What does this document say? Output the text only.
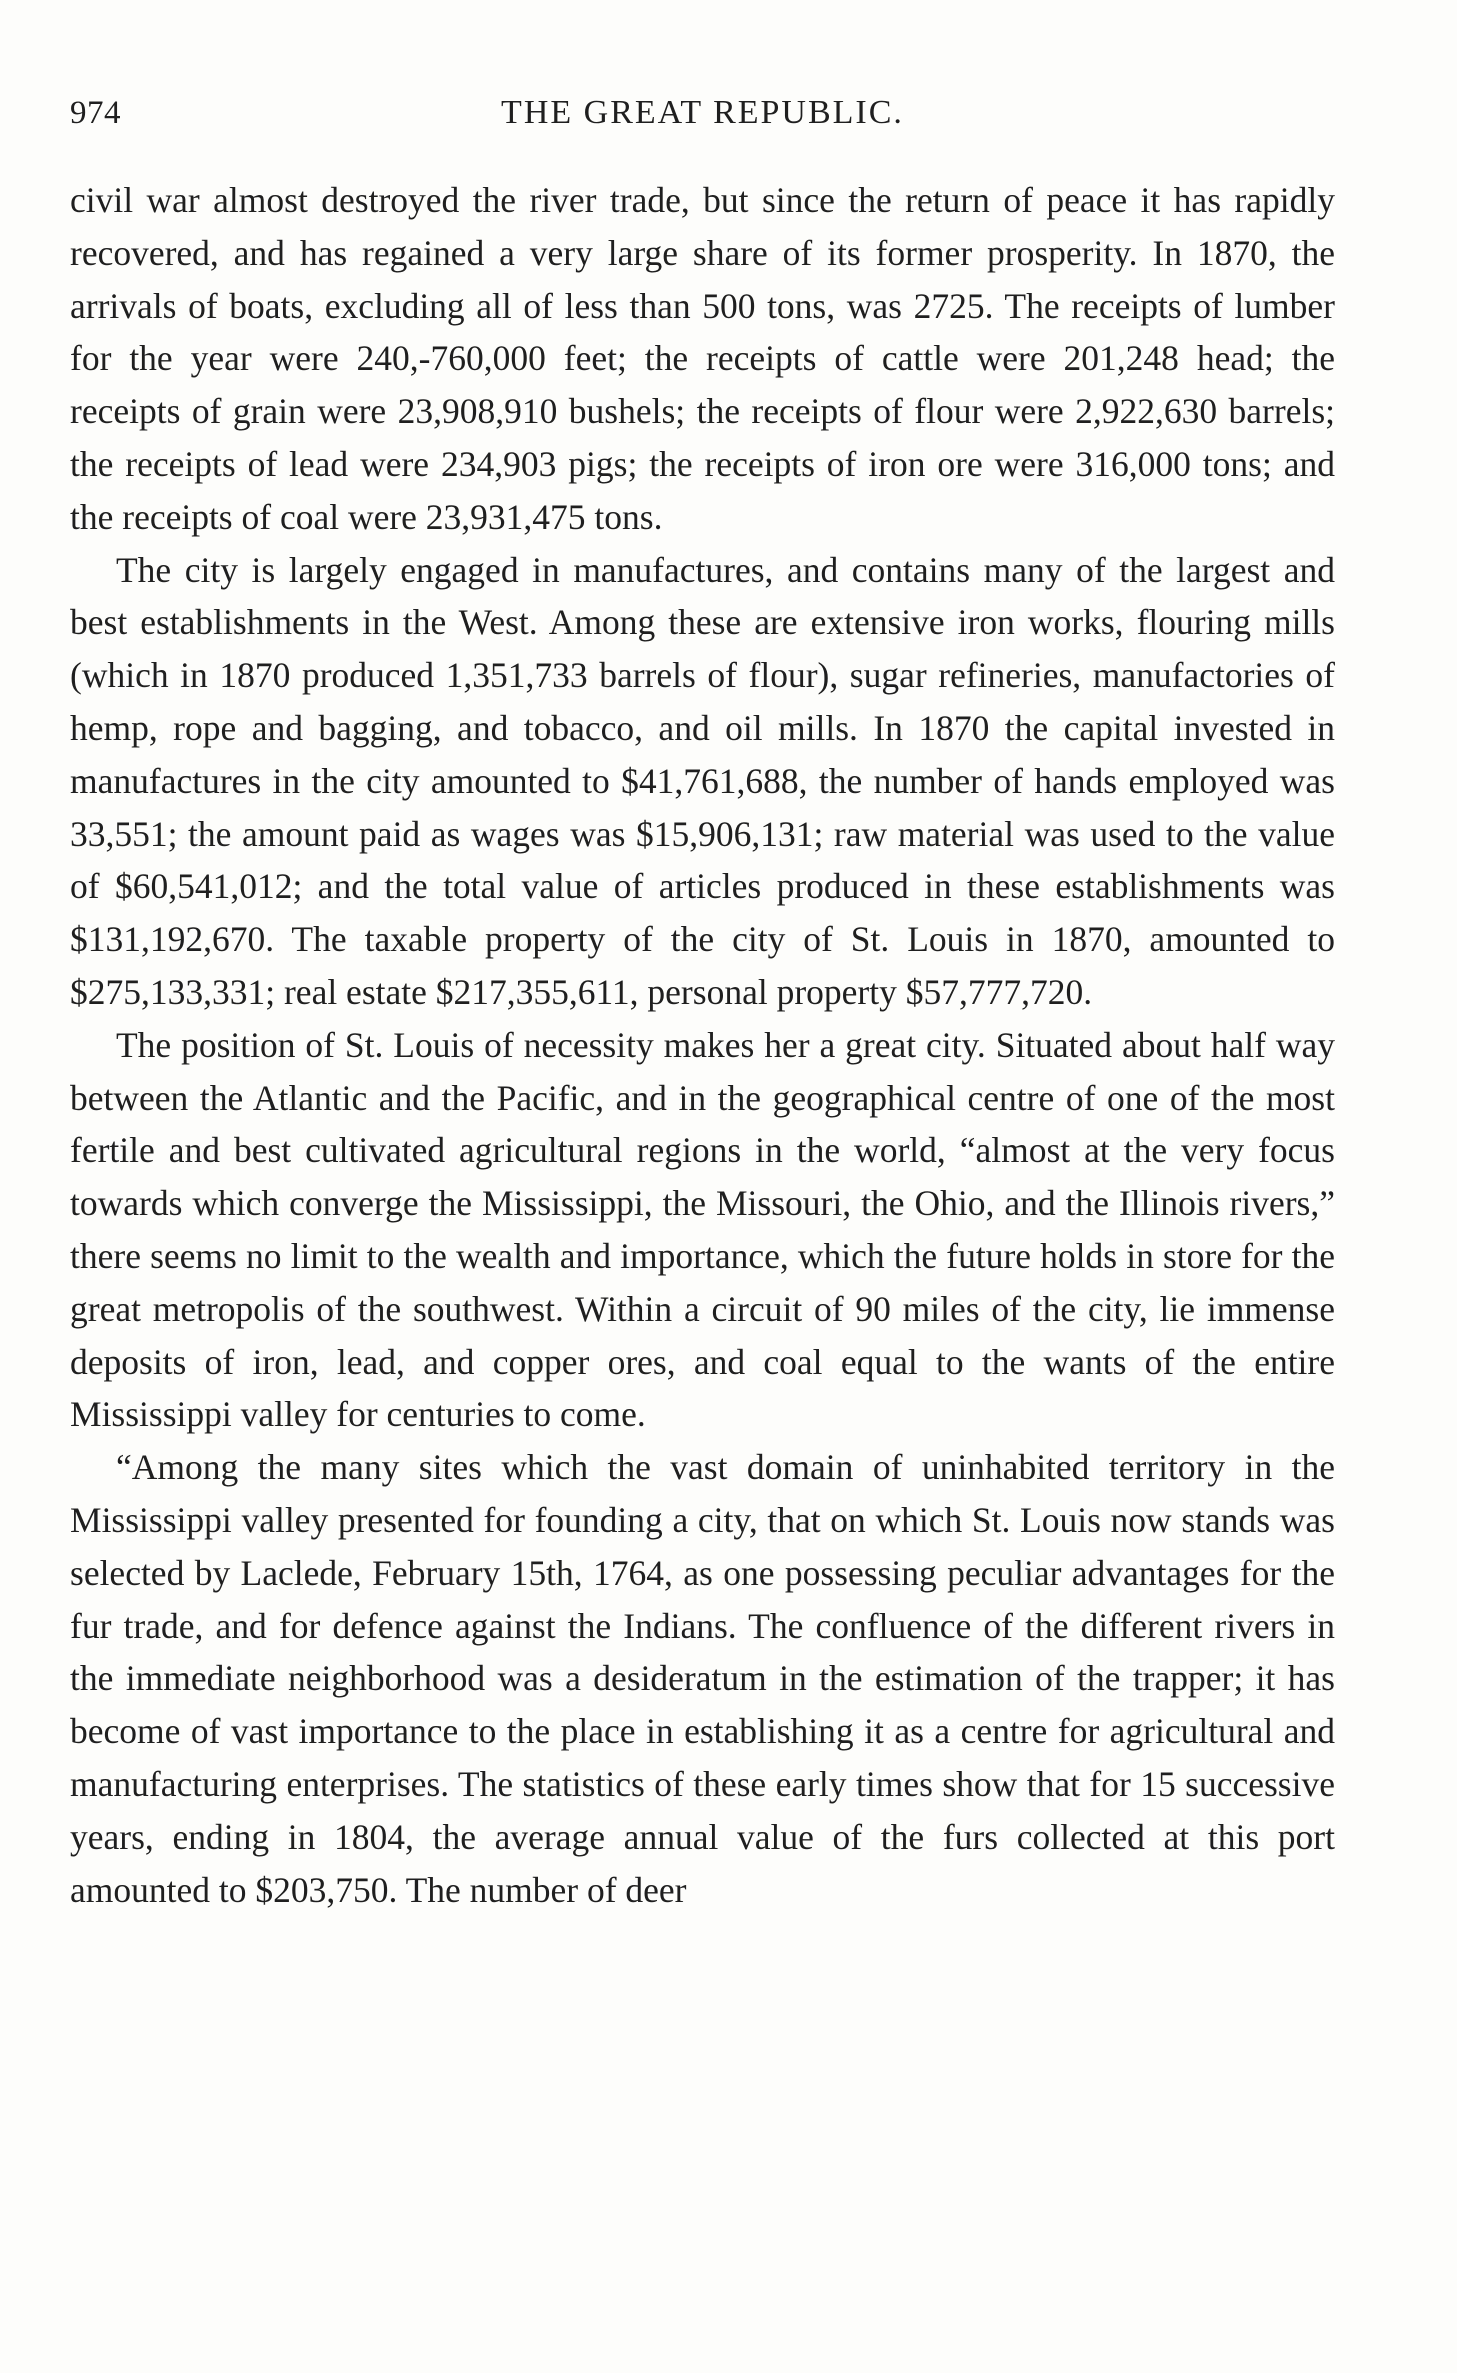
974	THE GREAT REPUBLIC.

civil war almost destroyed the river trade, but since the return of peace it has rapidly recovered, and has regained a very large share of its former prosperity. In 1870, the arrivals of boats, excluding all of less than 500 tons, was 2725. The receipts of lumber for the year were 240,-760,000 feet; the receipts of cattle were 201,248 head; the receipts of grain were 23,908,910 bushels; the receipts of flour were 2,922,630 barrels; the receipts of lead were 234,903 pigs; the receipts of iron ore were 316,000 tons; and the receipts of coal were 23,931,475 tons.

The city is largely engaged in manufactures, and contains many of the largest and best establishments in the West. Among these are extensive iron works, flouring mills (which in 1870 produced 1,351,733 barrels of flour), sugar refineries, manufactories of hemp, rope and bagging, and tobacco, and oil mills. In 1870 the capital invested in manufactures in the city amounted to $41,761,688, the number of hands employed was 33,551; the amount paid as wages was $15,906,131; raw material was used to the value of $60,541,012; and the total value of articles produced in these establishments was $131,192,670. The taxable property of the city of St. Louis in 1870, amounted to $275,133,331; real estate $217,355,611, personal property $57,777,720.

The position of St. Louis of necessity makes her a great city. Situated about half way between the Atlantic and the Pacific, and in the geographical centre of one of the most fertile and best cultivated agricultural regions in the world, “almost at the very focus towards which converge the Mississippi, the Missouri, the Ohio, and the Illinois rivers,” there seems no limit to the wealth and importance, which the future holds in store for the great metropolis of the southwest. Within a circuit of 90 miles of the city, lie immense deposits of iron, lead, and copper ores, and coal equal to the wants of the entire Mississippi valley for centuries to come.

“Among the many sites which the vast domain of uninhabited territory in the Mississippi valley presented for founding a city, that on which St. Louis now stands was selected by Laclede, February 15th, 1764, as one possessing peculiar advantages for the fur trade, and for defence against the Indians. The confluence of the different rivers in the immediate neighborhood was a desideratum in the estimation of the trapper; it has become of vast importance to the place in establishing it as a centre for agricultural and manufacturing enterprises. The statistics of these early times show that for 15 successive years, ending in 1804, the average annual value of the furs collected at this port amounted to $203,750. The number of deer
